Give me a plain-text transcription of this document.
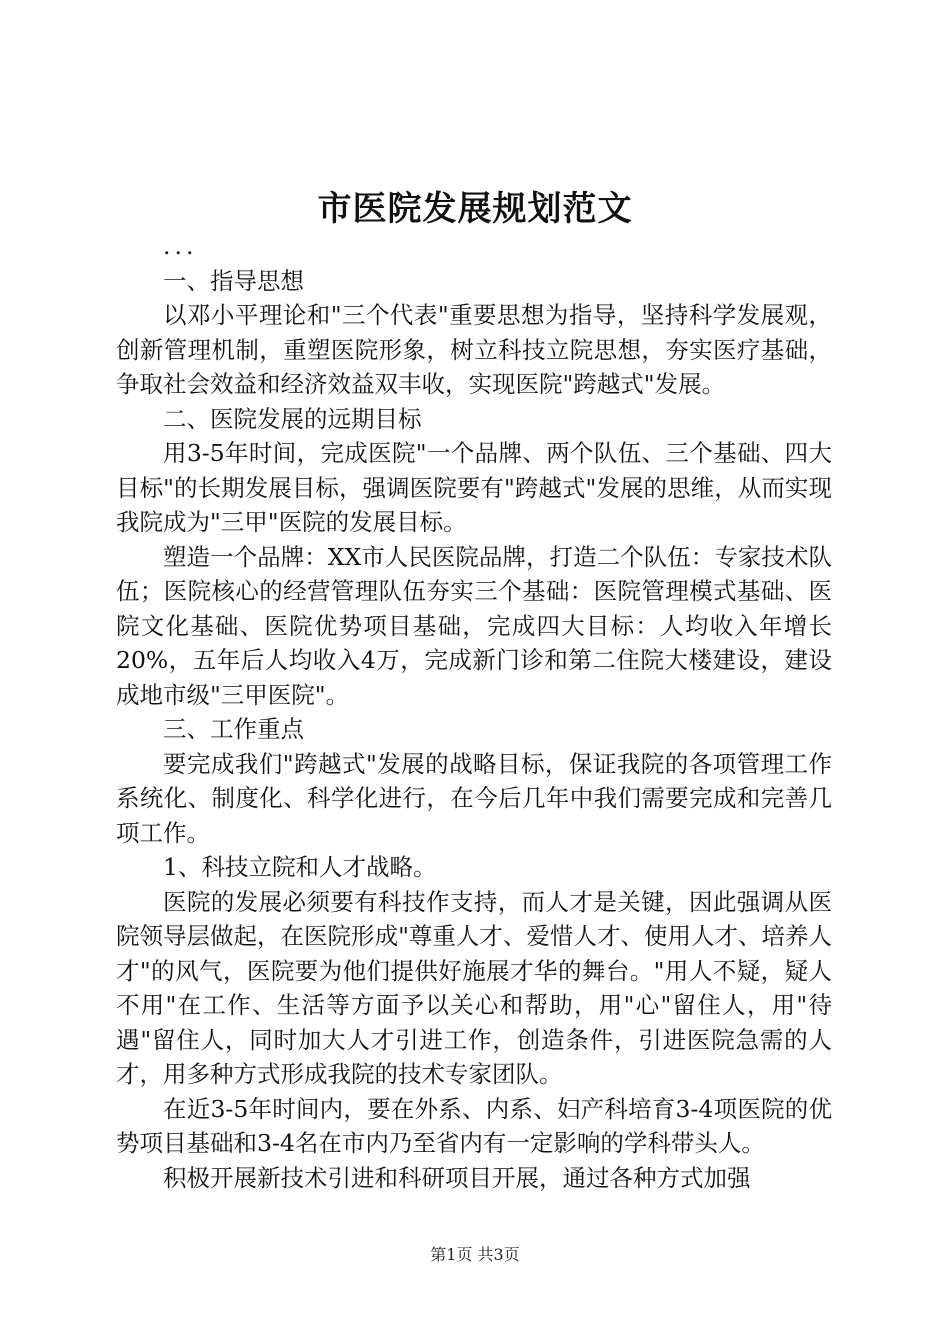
市医院发展规划范文

...

一、指导思想

以邓小平理论和"三个代表"重要思想为指导，坚持科学发展观，创新管理机制，重塑医院形象，树立科技立院思想，夯实医疗基础，争取社会效益和经济效益双丰收，实现医院"跨越式"发展。

二、医院发展的远期目标

用3-5年时间，完成医院"一个品牌、两个队伍、三个基础、四大目标"的长期发展目标，强调医院要有"跨越式"发展的思维，从而实现我院成为"三甲"医院的发展目标。

塑造一个品牌：XX市人民医院品牌，打造二个队伍：专家技术队伍；医院核心的经营管理队伍夯实三个基础：医院管理模式基础、医院文化基础、医院优势项目基础，完成四大目标：人均收入年增长20%，五年后人均收入4万，完成新门诊和第二住院大楼建设，建设成地市级"三甲医院"。

三、工作重点

要完成我们"跨越式"发展的战略目标，保证我院的各项管理工作系统化、制度化、科学化进行，在今后几年中我们需要完成和完善几项工作。

1、科技立院和人才战略。

医院的发展必须要有科技作支持，而人才是关键，因此强调从医院领导层做起，在医院形成"尊重人才、爱惜人才、使用人才、培养人才"的风气，医院要为他们提供好施展才华的舞台。"用人不疑，疑人不用"在工作、生活等方面予以关心和帮助，用"心"留住人，用"待遇"留住人，同时加大人才引进工作，创造条件，引进医院急需的人才，用多种方式形成我院的技术专家团队。

在近3-5年时间内，要在外系、内系、妇产科培育3-4项医院的优势项目基础和3-4名在市内乃至省内有一定影响的学科带头人。

积极开展新技术引进和科研项目开展，通过各种方式加强

第1页 共3页
